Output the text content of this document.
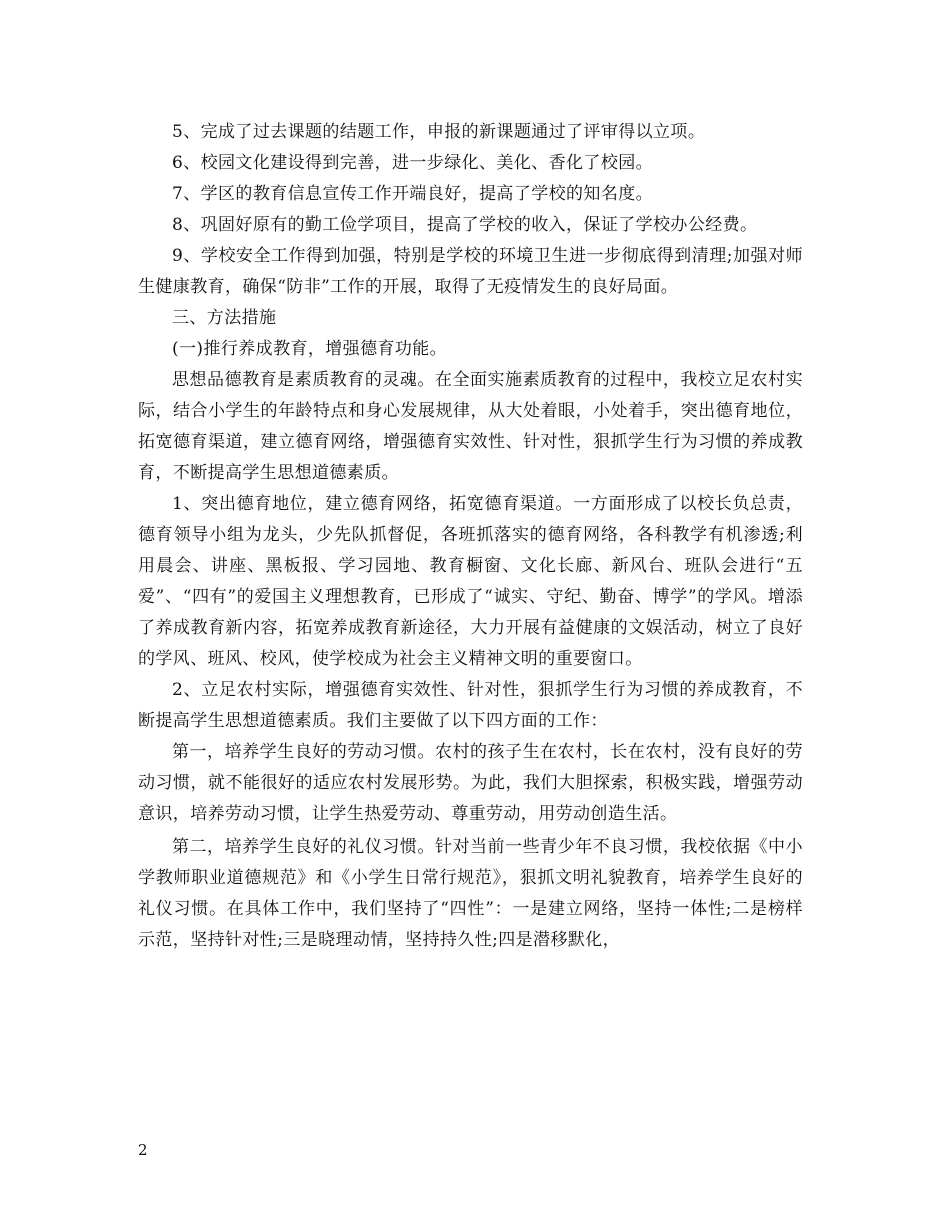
5、完成了过去课题的结题工作，申报的新课题通过了评审得以立项。

6、校园文化建设得到完善，进一步绿化、美化、香化了校园。

7、学区的教育信息宣传工作开端良好，提高了学校的知名度。

8、巩固好原有的勤工俭学项目，提高了学校的收入，保证了学校办公经费。

9、学校安全工作得到加强，特别是学校的环境卫生进一步彻底得到清理;加强对师生健康教育，确保“防非”工作的开展，取得了无疫情发生的良好局面。

三、方法措施

(一)推行养成教育，增强德育功能。

思想品德教育是素质教育的灵魂。在全面实施素质教育的过程中，我校立足农村实际，结合小学生的年龄特点和身心发展规律，从大处着眼，小处着手，突出德育地位，拓宽德育渠道，建立德育网络，增强德育实效性、针对性，狠抓学生行为习惯的养成教育，不断提高学生思想道德素质。

1、突出德育地位，建立德育网络，拓宽德育渠道。一方面形成了以校长负总责，德育领导小组为龙头，少先队抓督促，各班抓落实的德育网络，各科教学有机渗透;利用晨会、讲座、黑板报、学习园地、教育橱窗、文化长廊、新风台、班队会进行“五爱”、“四有”的爱国主义理想教育，已形成了“诚实、守纪、勤奋、博学”的学风。增添了养成教育新内容，拓宽养成教育新途径，大力开展有益健康的文娱活动，树立了良好的学风、班风、校风，使学校成为社会主义精神文明的重要窗口。

2、立足农村实际，增强德育实效性、针对性，狠抓学生行为习惯的养成教育，不断提高学生思想道德素质。我们主要做了以下四方面的工作：

第一，培养学生良好的劳动习惯。农村的孩子生在农村，长在农村，没有良好的劳动习惯，就不能很好的适应农村发展形势。为此，我们大胆探索，积极实践，增强劳动意识，培养劳动习惯，让学生热爱劳动、尊重劳动，用劳动创造生活。

第二，培养学生良好的礼仪习惯。针对当前一些青少年不良习惯，我校依据《中小学教师职业道德规范》和《小学生日常行规范》，狠抓文明礼貌教育，培养学生良好的礼仪习惯。在具体工作中，我们坚持了“四性”：一是建立网络，坚持一体性;二是榜样示范，坚持针对性;三是晓理动情，坚持持久性;四是潜移默化，

2
